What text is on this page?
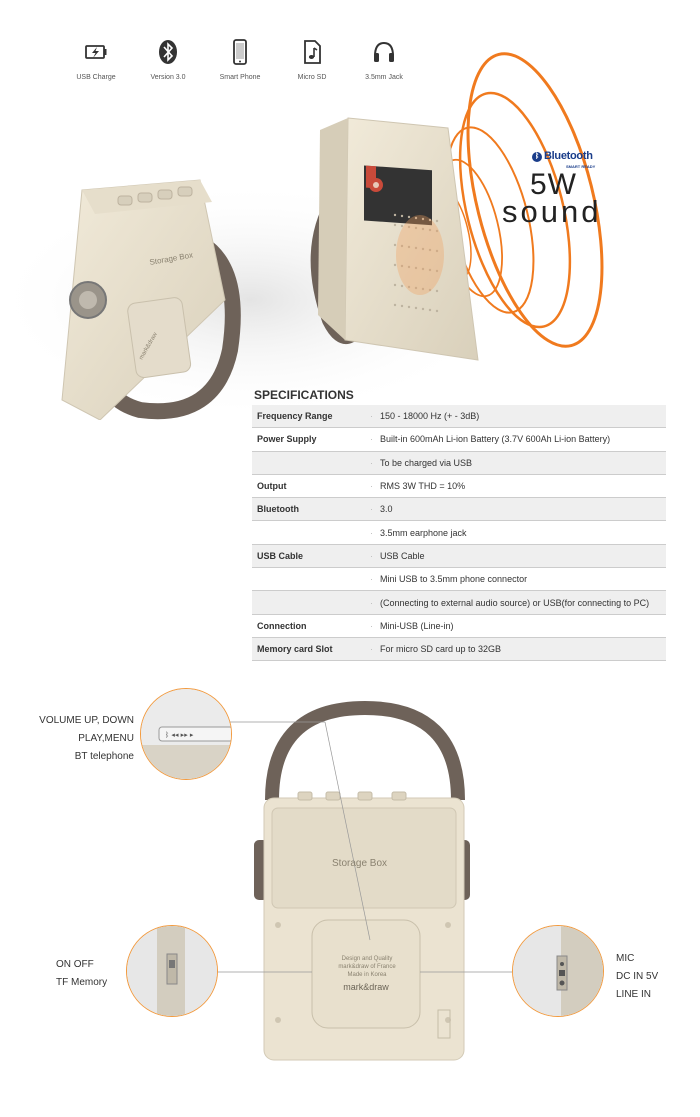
USB Charge	Version 3.0	Smart Phone	Micro SD	3.5mm Jack
Storage Box
mark&draw
ᛒ Bluetooth
SMART READY
5W
sound
SPECIFICATIONS
Frequency Range	· 150 - 18000 Hz (+ - 3dB)
Power Supply	· Built-in 600mAh Li-ion Battery (3.7V 600Ah Li-ion Battery)
· To be charged via USB
Output	· RMS 3W THD = 10%
Bluetooth	· 3.0
· 3.5mm earphone jack
USB Cable	· USB Cable
· Mini USB to 3.5mm phone connector
· (Connecting to external audio source) or USB(for connecting to PC)
Connection	· Mini-USB (Line-in)
Memory card Slot	· For micro SD card up to 32GB
Storage Box
Design and Quality
mark&draw of France
Made in Korea
mark&draw
ᛒ ◂◂ ▸▸ ▸
VOLUME UP, DOWN
PLAY,MENU
BT telephone
ON OFF
TF Memory
MIC
DC IN 5V
LINE IN
